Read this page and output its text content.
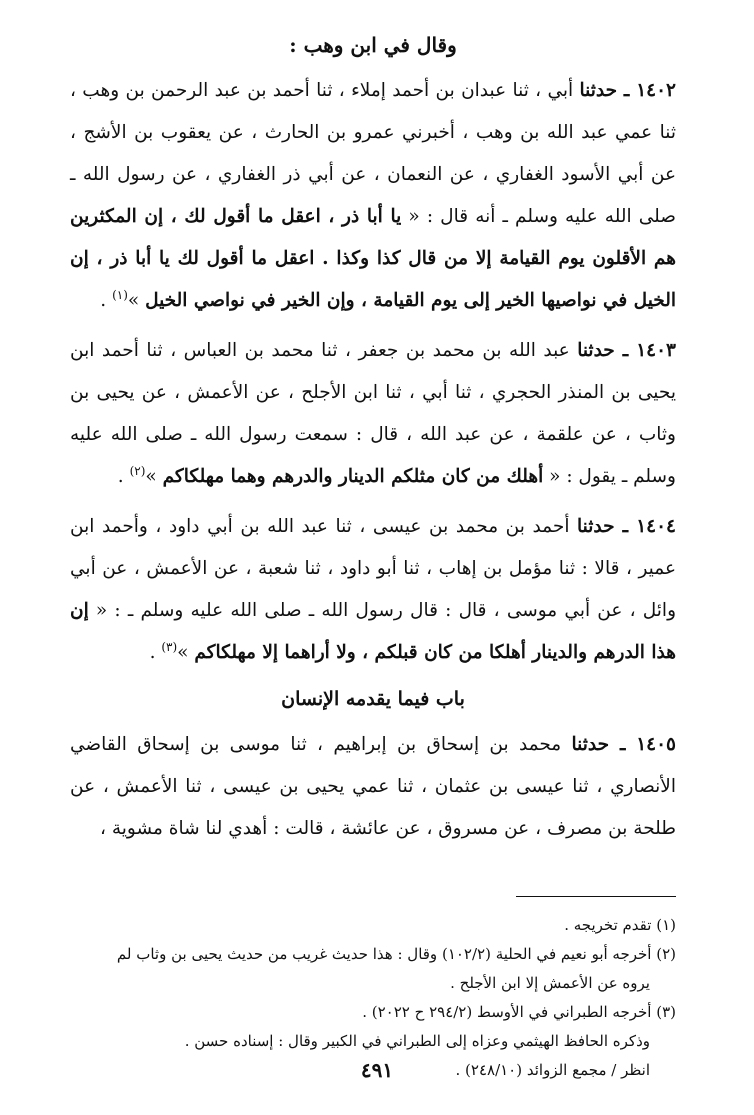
وقال في ابن وهب :

١٤٠٢ ـ حدثنا أبي ، ثنا عبدان بن أحمد إملاء ، ثنا أحمد بن عبد الرحمن بن وهب ، ثنا عمي عبد الله بن وهب ، أخبرني عمرو بن الحارث ، عن يعقوب بن الأشج ، عن أبي الأسود الغفاري ، عن النعمان ، عن أبي ذر الغفاري ، عن رسول الله ـ صلى الله عليه وسلم ـ أنه قال : « يا أبا ذر ، اعقل ما أقول لك ، إن المكثرين هم الأقلون يوم القيامة إلا من قال كذا وكذا . اعقل ما أقول لك يا أبا ذر ، إن الخيل في نواصيها الخير إلى يوم القيامة ، وإن الخير في نواصي الخيل »$^{(١)}$ .

١٤٠٣ ـ حدثنا عبد الله بن محمد بن جعفر ، ثنا محمد بن العباس ، ثنا أحمد ابن يحيى بن المنذر الحجري ، ثنا أبي ، ثنا ابن الأجلح ، عن الأعمش ، عن يحيى بن وثاب ، عن علقمة ، عن عبد الله ، قال : سمعت رسول الله ـ صلى الله عليه وسلم ـ يقول : « أهلك من كان مثلكم الدينار والدرهم وهما مهلكاكم »$^{(٢)}$ .

١٤٠٤ ـ حدثنا أحمد بن محمد بن عيسى ، ثنا عبد الله بن أبي داود ، وأحمد ابن عمير ، قالا : ثنا مؤمل بن إهاب ، ثنا أبو داود ، ثنا شعبة ، عن الأعمش ، عن أبي وائل ، عن أبي موسى ، قال : قال رسول الله ـ صلى الله عليه وسلم ـ : « إن هذا الدرهم والدينار أهلكا من كان قبلكم ، ولا أراهما إلا مهلكاكم »$^{(٣)}$ .

باب فيما يقدمه الإنسان

١٤٠٥ ـ حدثنا محمد بن إسحاق بن إبراهيم ، ثنا موسى بن إسحاق القاضي الأنصاري ، ثنا عيسى بن عثمان ، ثنا عمي يحيى بن عيسى ، ثنا الأعمش ، عن طلحة بن مصرف ، عن مسروق ، عن عائشة ، قالت : أهدي لنا شاة مشوية ،

(١) تقدم تخريجه .

(٢) أخرجه أبو نعيم في الحلية (١٠٢/٢) وقال : هذا حديث غريب من حديث يحيى بن وثاب لم

يروه عن الأعمش إلا ابن الأجلح .

(٣) أخرجه الطبراني في الأوسط (٢٩٤/٢ ح ٢٠٢٢) .

وذكره الحافظ الهيثمي وعزاه إلى الطبراني في الكبير وقال : إسناده حسن .

انظر / مجمع الزوائد (٢٤٨/١٠) .

٤٩١
